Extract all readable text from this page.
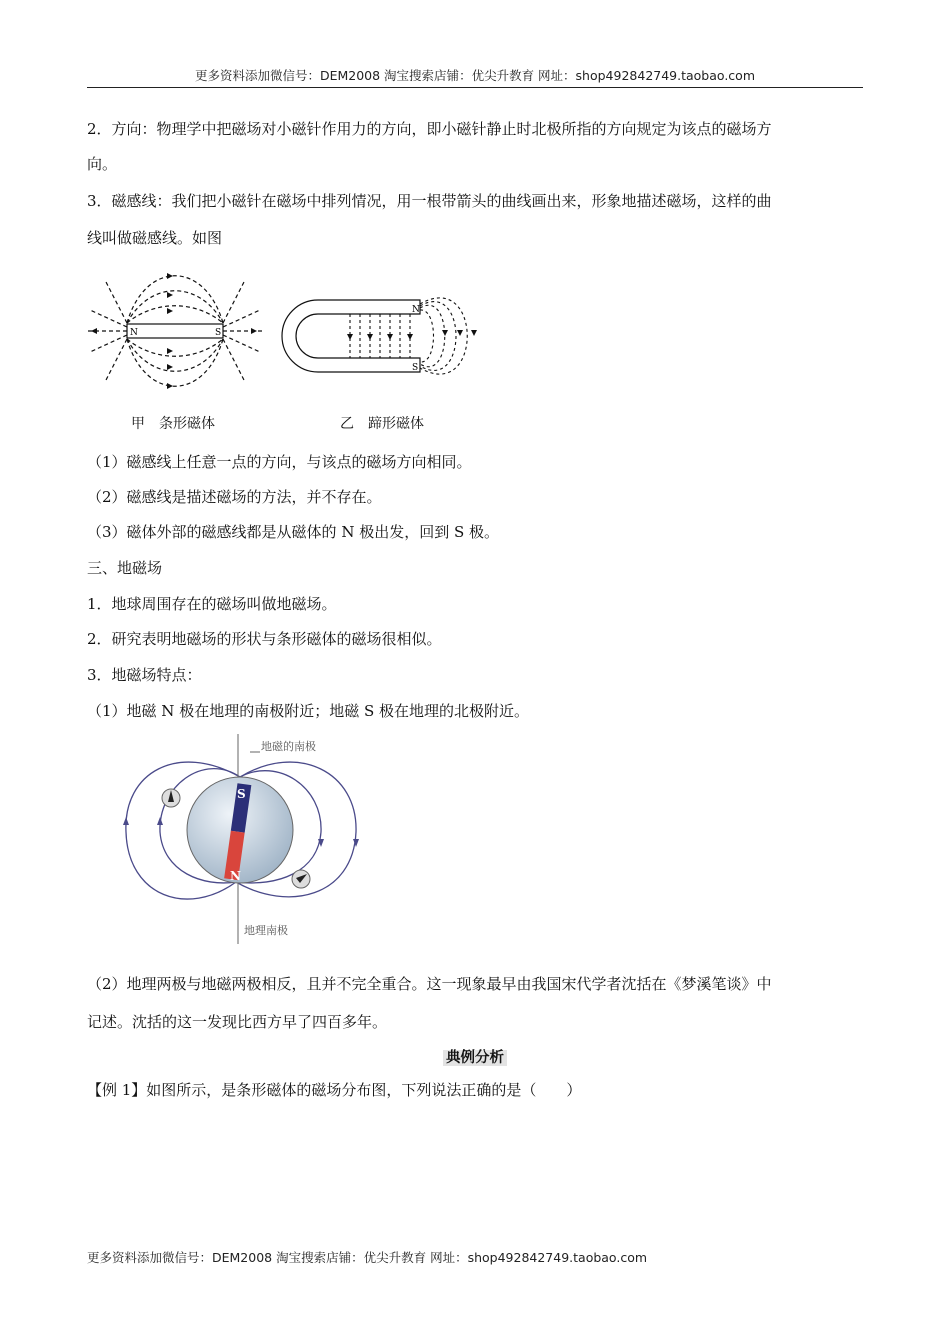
更多资料添加微信号：DEM2008 淘宝搜索店铺：优尖升教育 网址：shop492842749.taobao.com
2．方向：物理学中把磁场对小磁针作用力的方向，即小磁针静止时北极所指的方向规定为该点的磁场方
向。
3．磁感线：我们把小磁针在磁场中排列情况，用一根带箭头的曲线画出来，形象地描述磁场，这样的曲
线叫做磁感线。如图
N	S
N
S
甲　条形磁体	乙　蹄形磁体
（1）磁感线上任意一点的方向，与该点的磁场方向相同。
（2）磁感线是描述磁场的方法，并不存在。
（3）磁体外部的磁感线都是从磁体的 N 极出发，回到 S 极。
三、地磁场
1．地球周围存在的磁场叫做地磁场。
2．研究表明地磁场的形状与条形磁体的磁场很相似。
3．地磁场特点：
（1）地磁 N 极在地理的南极附近；地磁 S 极在地理的北极附近。
S
N
地磁的南极
地理南极
（2）地理两极与地磁两极相反，且并不完全重合。这一现象最早由我国宋代学者沈括在《梦溪笔谈》中
记述。沈括的这一发现比西方早了四百多年。
典例分析
【例 1】如图所示，是条形磁体的磁场分布图，下列说法正确的是（　　）
更多资料添加微信号：DEM2008 淘宝搜索店铺：优尖升教育 网址：shop492842749.taobao.com
